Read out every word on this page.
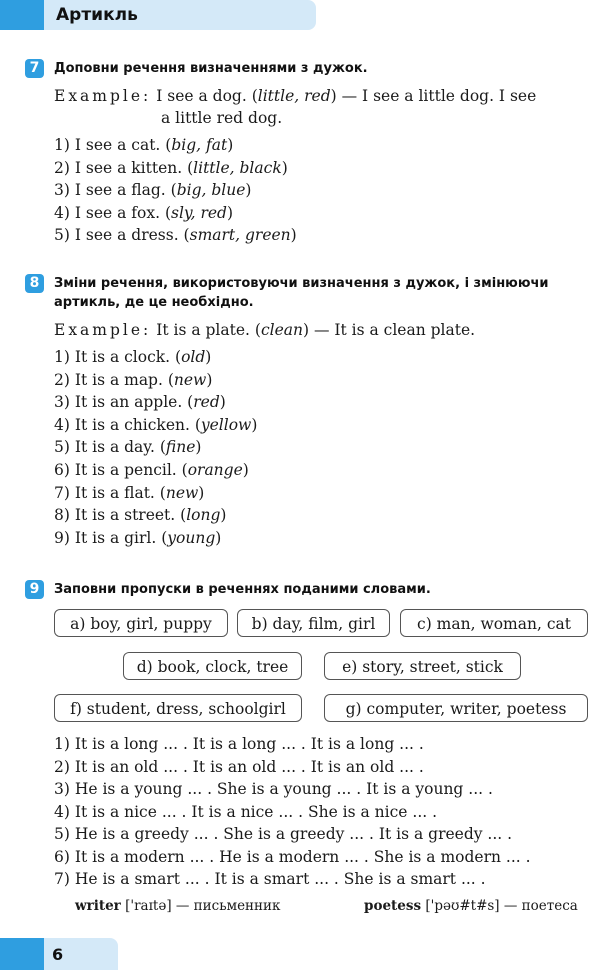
Артикль
7	Доповни речення визначеннями з дужок.
Example: I see a dog. (little, red) — I see a little dog. I see
a little red dog.
1) I see a cat. (big, fat)
2) I see a kitten. (little, black)
3) I see a flag. (big, blue)
4) I see a fox. (sly, red)
5) I see a dress. (smart, green)
8	Зміни речення, використовуючи визначення з дужок, і змінюючи
артикль, де це необхідно.
Example: It is a plate. (clean) — It is a clean plate.
1) It is a clock. (old)
2) It is a map. (new)
3) It is an apple. (red)
4) It is a chicken. (yellow)
5) It is a day. (fine)
6) It is a pencil. (orange)
7) It is a flat. (new)
8) It is a street. (long)
9) It is a girl. (young)
9	Заповни пропуски в реченнях поданими словами.
a) boy, girl, puppy	b) day, film, girl	c) man, woman, cat
d) book, clock, tree	e) story, street, stick
f) student, dress, schoolgirl	g) computer, writer, poetess
1) It is a long ... . It is a long ... . It is a long ... .
2) It is an old ... . It is an old ... . It is an old ... .
3) He is a young ... . She is a young ... . It is a young ... .
4) It is a nice ... . It is a nice ... . She is a nice ... .
5) He is a greedy ... . She is a greedy ... . It is a greedy ... .
6) It is a modern ... . He is a modern ... . She is a modern ... .
7) He is a smart ... . It is a smart ... . She is a smart ... .
writer ['raɪtə] — письменник	poetess ['pəʊ#t#s] — поетеса
6
